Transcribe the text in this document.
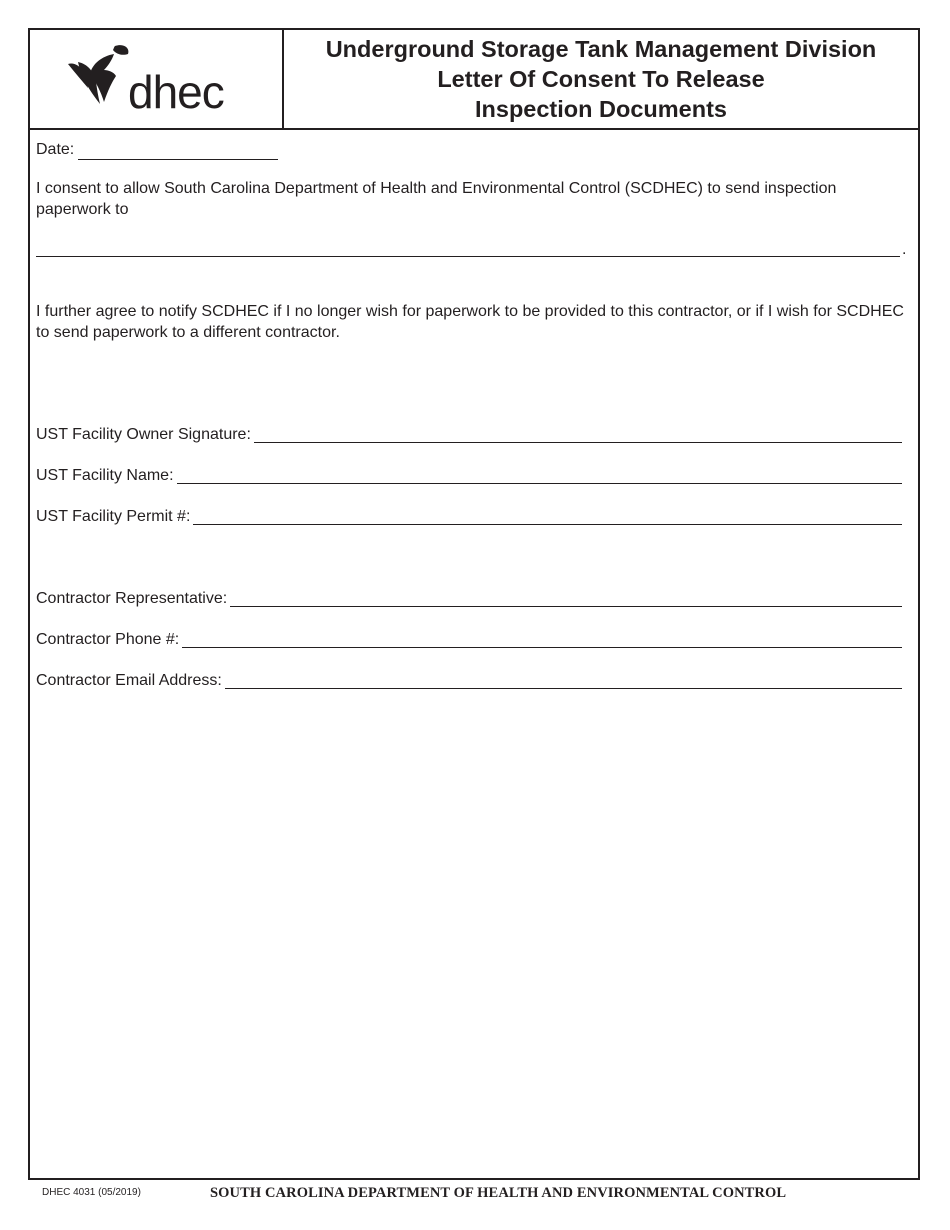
dhec
Underground Storage Tank Management Division
Letter Of Consent To Release
Inspection Documents
Date:
I consent to allow South Carolina Department of Health and Environmental Control (SCDHEC) to send inspection paperwork to
.
I further agree to notify SCDHEC if I no longer wish for paperwork to be provided to this contractor, or if I wish for SCDHEC to send paperwork to a different contractor.
UST Facility Owner Signature:
UST Facility Name:
UST Facility Permit #:
Contractor Representative:
Contractor Phone #:
Contractor Email Address:
DHEC 4031 (05/2019)	SOUTH CAROLINA DEPARTMENT OF HEALTH AND ENVIRONMENTAL CONTROL
